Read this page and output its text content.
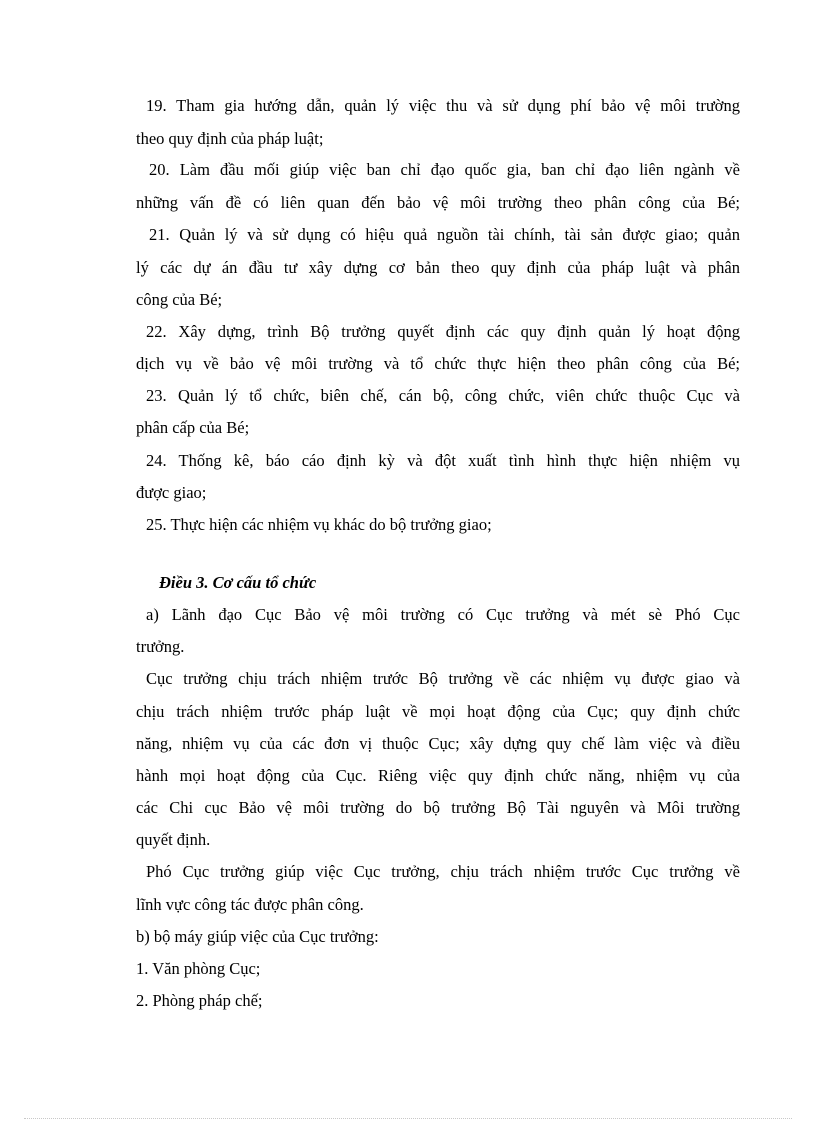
19. Tham gia hướng dẫn, quản lý việc thu và sử dụng phí bảo vệ môi trường
theo quy định của pháp luật;
20. Làm đầu mối giúp việc ban chỉ đạo quốc gia, ban chỉ đạo liên ngành về
những vấn đề có liên quan đến bảo vệ môi trường theo phân công của Bé;
21. Quản lý và sử dụng có hiệu quả nguồn tài chính, tài sản được giao; quản
lý các dự án đầu tư xây dựng cơ bản theo quy định của pháp luật và phân
công của Bé;
22. Xây dựng, trình Bộ trưởng quyết định các quy định quản lý hoạt động
dịch vụ về bảo vệ môi trường và tổ chức thực hiện theo phân công của Bé;
23. Quản lý tổ chức, biên chế, cán bộ, công chức, viên chức thuộc Cục và
phân cấp của Bé;
24. Thống kê, báo cáo định kỳ và đột xuất tình hình thực hiện nhiệm vụ
được giao;
25. Thực hiện các nhiệm vụ khác do bộ trưởng giao;
Điều 3. Cơ cấu tổ chức
a) Lãnh đạo Cục Bảo vệ môi trường có Cục trưởng và mét sè Phó Cục
trưởng.
Cục trưởng chịu trách nhiệm trước Bộ trưởng về các nhiệm vụ được giao và
chịu trách nhiệm trước pháp luật về mọi hoạt động của Cục; quy định chức
năng, nhiệm vụ của các đơn vị thuộc Cục; xây dựng quy chế làm việc và điều
hành mọi hoạt động của Cục. Riêng việc quy định chức năng, nhiệm vụ của
các Chi cục Bảo vệ môi trường do bộ trưởng Bộ Tài nguyên và Môi trường
quyết định.
Phó Cục trưởng giúp việc Cục trưởng, chịu trách nhiệm trước Cục trưởng về
lĩnh vực công tác được phân công.
b) bộ máy giúp việc của Cục trưởng:
1. Văn phòng Cục;
2. Phòng pháp chế;
